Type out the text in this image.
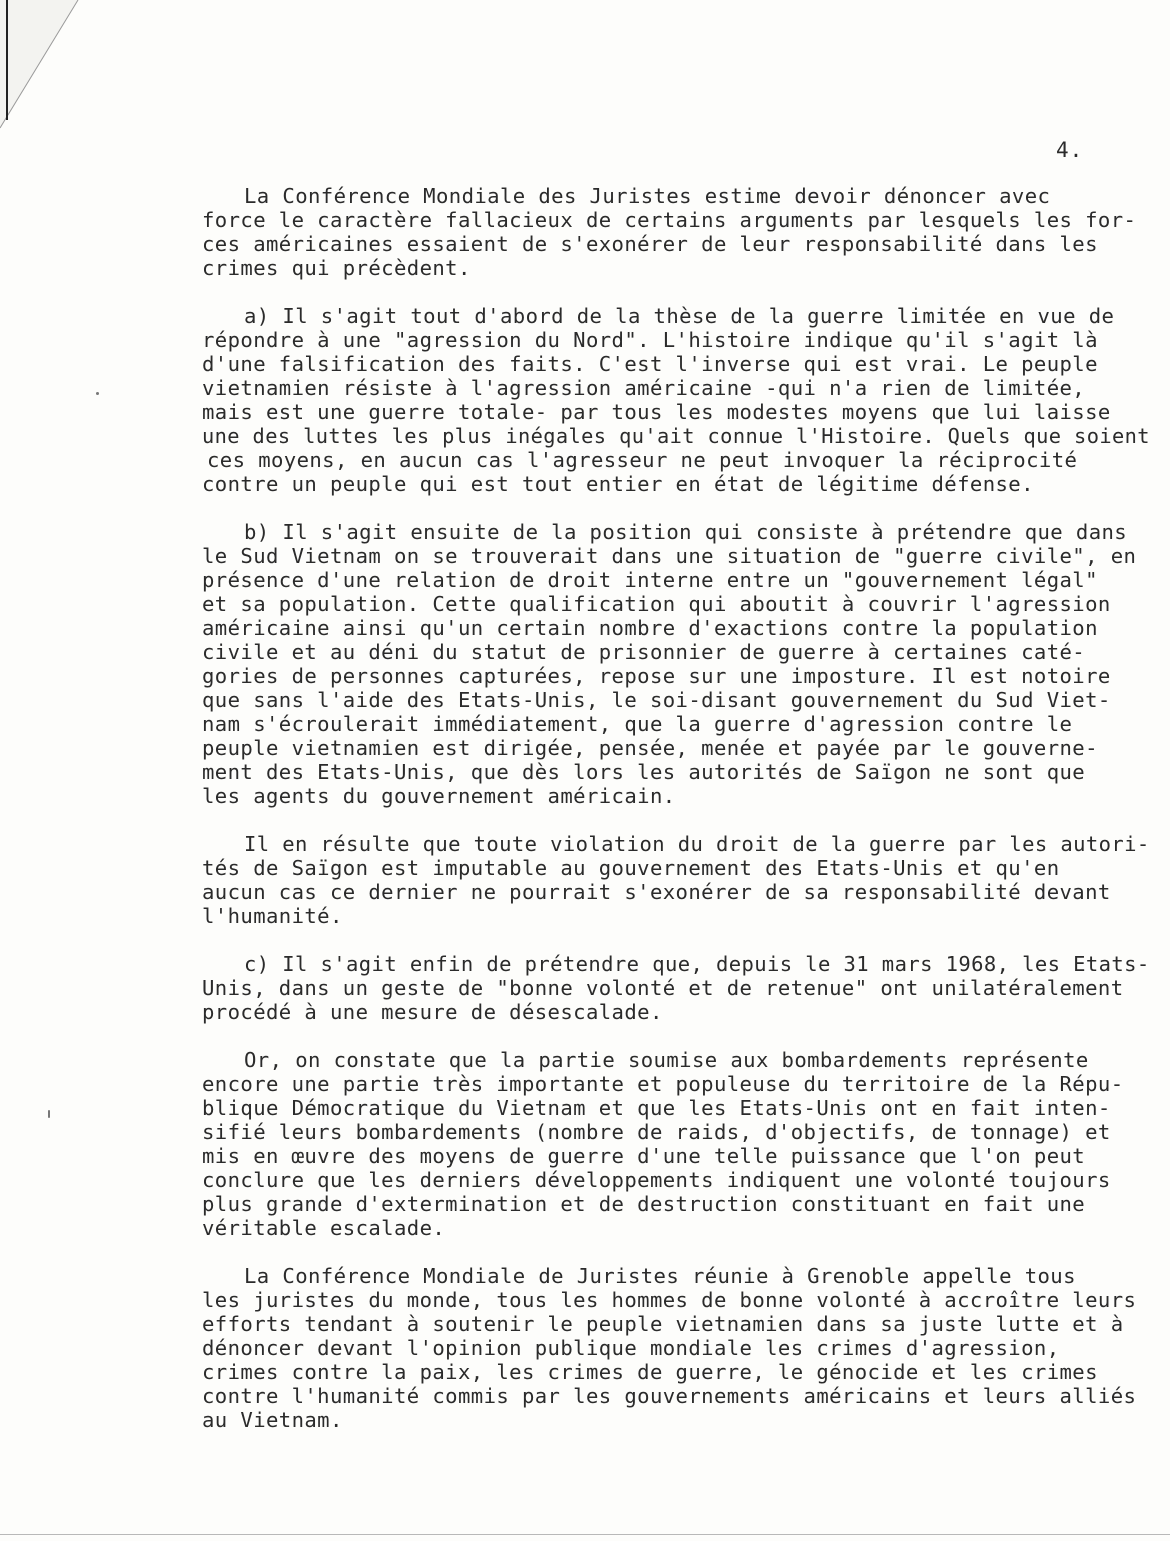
4.
La Conférence Mondiale des Juristes estime devoir dénoncer avec
force le caractère fallacieux de certains arguments par lesquels les for-
ces américaines essaient de s'exonérer de leur responsabilité dans les
crimes qui précèdent.
a) Il s'agit tout d'abord de la thèse de la guerre limitée en vue de
répondre à une "agression du Nord". L'histoire indique qu'il s'agit là
d'une falsification des faits. C'est l'inverse qui est vrai. Le peuple
vietnamien résiste à l'agression américaine -qui n'a rien de limitée,
mais est une guerre totale- par tous les modestes moyens que lui laisse
une des luttes les plus inégales qu'ait connue l'Histoire. Quels que soient
ces moyens, en aucun cas l'agresseur ne peut invoquer la réciprocité
contre un peuple qui est tout entier en état de légitime défense.
b) Il s'agit ensuite de la position qui consiste à prétendre que dans
le Sud Vietnam on se trouverait dans une situation de "guerre civile", en
présence d'une relation de droit interne entre un "gouvernement légal"
et sa population. Cette qualification qui aboutit à couvrir l'agression
américaine ainsi qu'un certain nombre d'exactions contre la population
civile et au déni du statut de prisonnier de guerre à certaines caté-
gories de personnes capturées, repose sur une imposture. Il est notoire
que sans l'aide des Etats-Unis, le soi-disant gouvernement du Sud Viet-
nam s'écroulerait immédiatement, que la guerre d'agression contre le
peuple vietnamien est dirigée, pensée, menée et payée par le gouverne-
ment des Etats-Unis, que dès lors les autorités de Saïgon ne sont que
les agents du gouvernement américain.
Il en résulte que toute violation du droit de la guerre par les autori-
tés de Saïgon est imputable au gouvernement des Etats-Unis et qu'en
aucun cas ce dernier ne pourrait s'exonérer de sa responsabilité devant
l'humanité.
c) Il s'agit enfin de prétendre que, depuis le 31 mars 1968, les Etats-
Unis, dans un geste de "bonne volonté et de retenue" ont unilatéralement
procédé à une mesure de désescalade.
Or, on constate que la partie soumise aux bombardements représente
encore une partie très importante et populeuse du territoire de la Répu-
blique Démocratique du Vietnam et que les Etats-Unis ont en fait inten-
sifié leurs bombardements (nombre de raids, d'objectifs, de tonnage) et
mis en œuvre des moyens de guerre d'une telle puissance que l'on peut
conclure que les derniers développements indiquent une volonté toujours
plus grande d'extermination et de destruction constituant en fait une
véritable escalade.
La Conférence Mondiale de Juristes réunie à Grenoble appelle tous
les juristes du monde, tous les hommes de bonne volonté à accroître leurs
efforts tendant à soutenir le peuple vietnamien dans sa juste lutte et à
dénoncer devant l'opinion publique mondiale les crimes d'agression,
crimes contre la paix, les crimes de guerre, le génocide et les crimes
contre l'humanité commis par les gouvernements américains et leurs alliés
au Vietnam.
